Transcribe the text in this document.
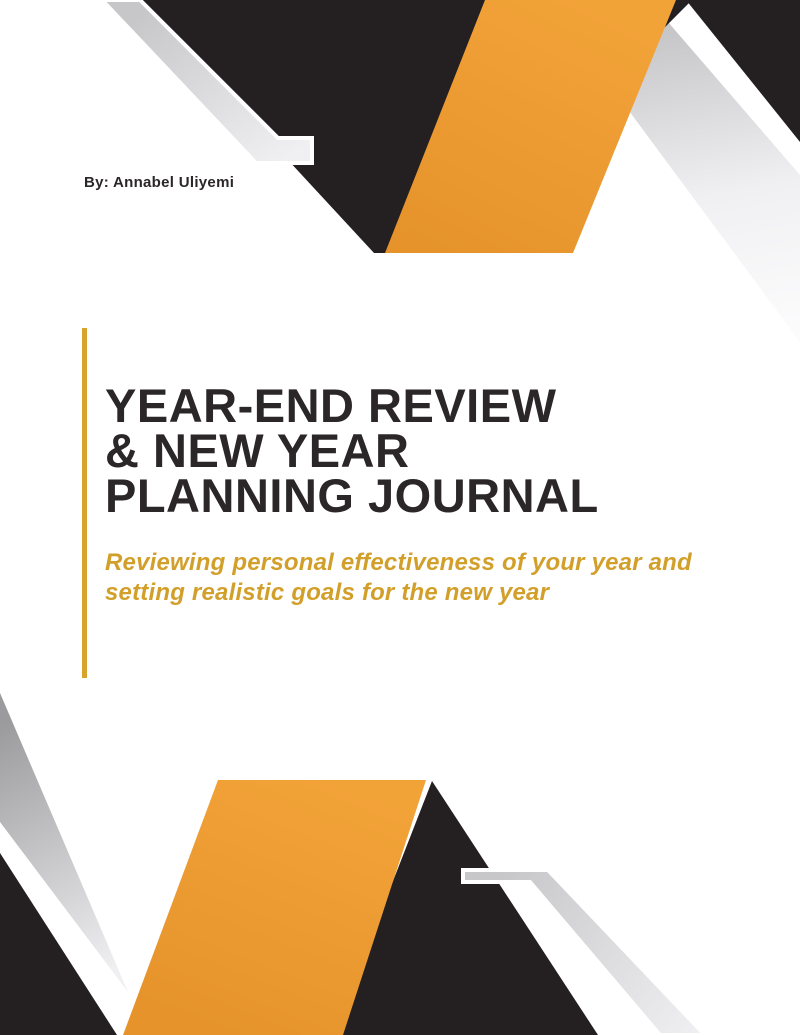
By: Annabel Uliyemi
YEAR-END REVIEW
& NEW YEAR
PLANNING JOURNAL
Reviewing personal effectiveness of your year and
setting realistic goals for the new year
